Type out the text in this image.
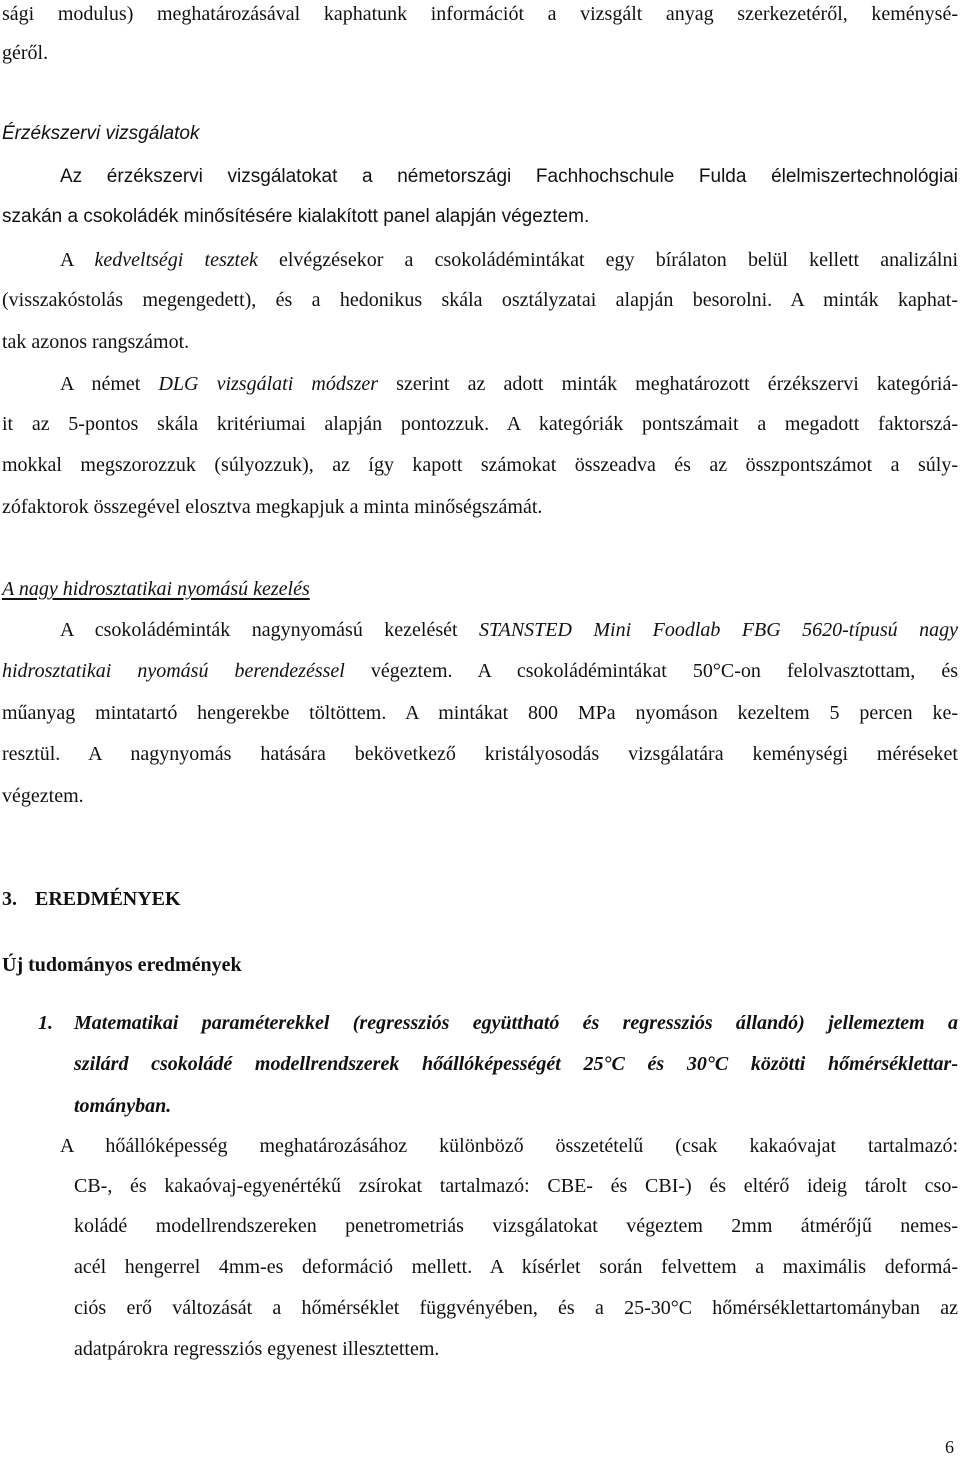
sági modulus) meghatározásával kaphatunk információt a vizsgált anyag szerkezetéről, keménysé-
géről.
Érzékszervi vizsgálatok
Az érzékszervi vizsgálatokat a németországi Fachhochschule Fulda élelmiszertechnológiai
szakán a csokoládék minősítésére kialakított panel alapján végeztem.
A kedveltségi tesztek elvégzésekor a csokoládémintákat egy bírálaton belül kellett analizálni
(visszakóstolás megengedett), és a hedonikus skála osztályzatai alapján besorolni. A minták kaphat-
tak azonos rangszámot.
A német DLG vizsgálati módszer szerint az adott minták meghatározott érzékszervi kategóriá-
it az 5-pontos skála kritériumai alapján pontozzuk. A kategóriák pontszámait a megadott faktorszá-
mokkal megszorozzuk (súlyozzuk), az így kapott számokat összeadva és az összpontszámot a súly-
zófaktorok összegével elosztva megkapjuk a minta minőségszámát.
A nagy hidrosztatikai nyomású kezelés
A csokoládéminták nagynyomású kezelését STANSTED Mini Foodlab FBG 5620-típusú nagy
hidrosztatikai nyomású berendezéssel végeztem. A csokoládémintákat 50°C-on felolvasztottam, és
műanyag mintatartó hengerekbe töltöttem. A mintákat 800 MPa nyomáson kezeltem 5 percen ke-
resztül. A nagynyomás hatására bekövetkező kristályosodás vizsgálatára keménységi méréseket
végeztem.
3. EREDMÉNYEK
Új tudományos eredmények
1. Matematikai paraméterekkel (regressziós együttható és regressziós állandó) jellemeztem a
szilárd csokoládé modellrendszerek hőállóképességét 25°C és 30°C közötti hőmérséklettar-
tományban.
A hőállóképesség meghatározásához különböző összetételű (csak kakaóvajat tartalmazó:
CB-, és kakaóvaj-egyenértékű zsírokat tartalmazó: CBE- és CBI-) és eltérő ideig tárolt cso-
koládé modellrendszereken penetrometriás vizsgálatokat végeztem 2mm átmérőjű nemes-
acél hengerrel 4mm-es deformáció mellett. A kísérlet során felvettem a maximális deformá-
ciós erő változását a hőmérséklet függvényében, és a 25-30°C hőmérséklettartományban az
adatpárokra regressziós egyenest illesztettem.
6
